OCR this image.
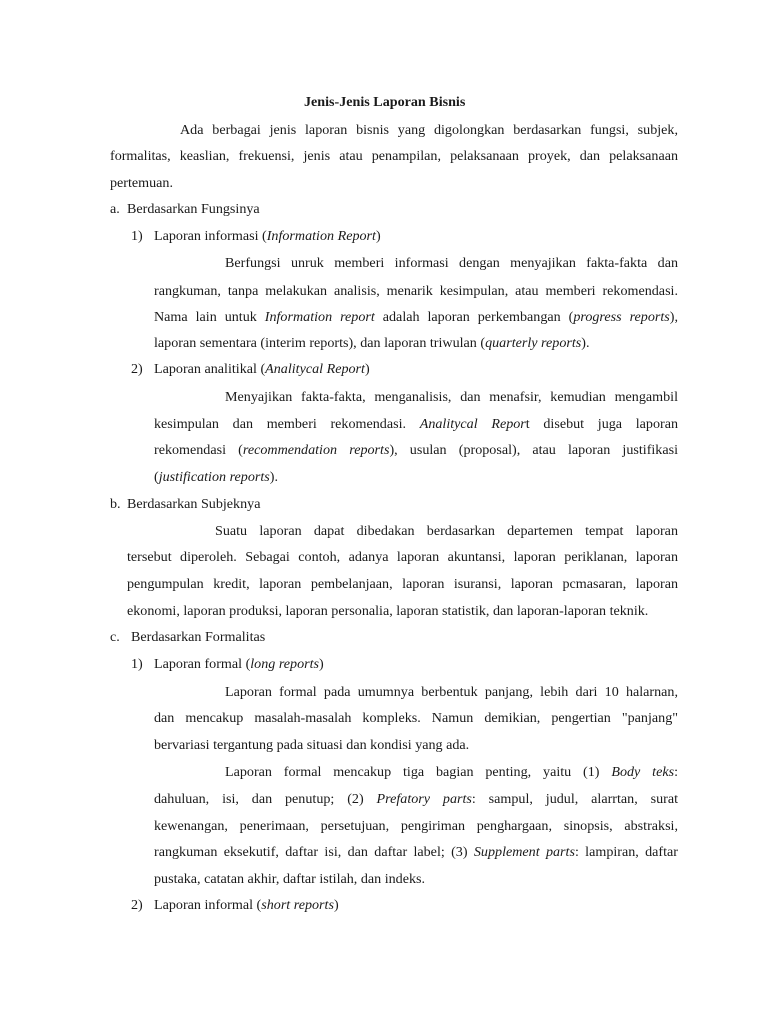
Jenis-Jenis Laporan Bisnis
Ada berbagai jenis laporan bisnis yang digolongkan berdasarkan fungsi, subjek,
formalitas, keaslian, frekuensi, jenis atau penampilan, pelaksanaan proyek, dan pelaksanaan
pertemuan.
a. Berdasarkan Fungsinya
1) Laporan informasi (Information Report)
Berfungsi unruk memberi informasi dengan menyajikan fakta-fakta dan
rangkuman, tanpa melakukan analisis, menarik kesimpulan, atau memberi rekomendasi.
Nama lain untuk Information report adalah laporan perkembangan (progress reports),
laporan sementara (interim reports), dan laporan triwulan (quarterly reports).
2) Laporan analitikal (Analitycal Report)
Menyajikan fakta-fakta, menganalisis, dan menafsir, kemudian mengambil
kesimpulan dan memberi rekomendasi. Analitycal Report disebut juga laporan
rekomendasi (recommendation reports), usulan (proposal), atau laporan justifikasi
(justification reports).
b. Berdasarkan Subjeknya
Suatu laporan dapat dibedakan berdasarkan departemen tempat laporan
tersebut diperoleh. Sebagai contoh, adanya laporan akuntansi, laporan periklanan, laporan
pengumpulan kredit, laporan pembelanjaan, laporan isuransi, laporan pcmasaran, laporan
ekonomi, laporan produksi, laporan personalia, laporan statistik, dan laporan-laporan teknik.
c. Berdasarkan Formalitas
1) Laporan formal (long reports)
Laporan formal pada umumnya berbentuk panjang, lebih dari 10 halarnan,
dan mencakup masalah-masalah kompleks. Namun demikian, pengertian "panjang"
bervariasi tergantung pada situasi dan kondisi yang ada.
Laporan formal mencakup tiga bagian penting, yaitu (1) Body teks:
dahuluan, isi, dan penutup; (2) Prefatory parts: sampul, judul, alarrtan, surat
kewenangan, penerimaan, persetujuan, pengiriman penghargaan, sinopsis, abstraksi,
rangkuman eksekutif, daftar isi, dan daftar label; (3) Supplement parts: lampiran, daftar
pustaka, catatan akhir, daftar istilah, dan indeks.
2) Laporan informal (short reports)
